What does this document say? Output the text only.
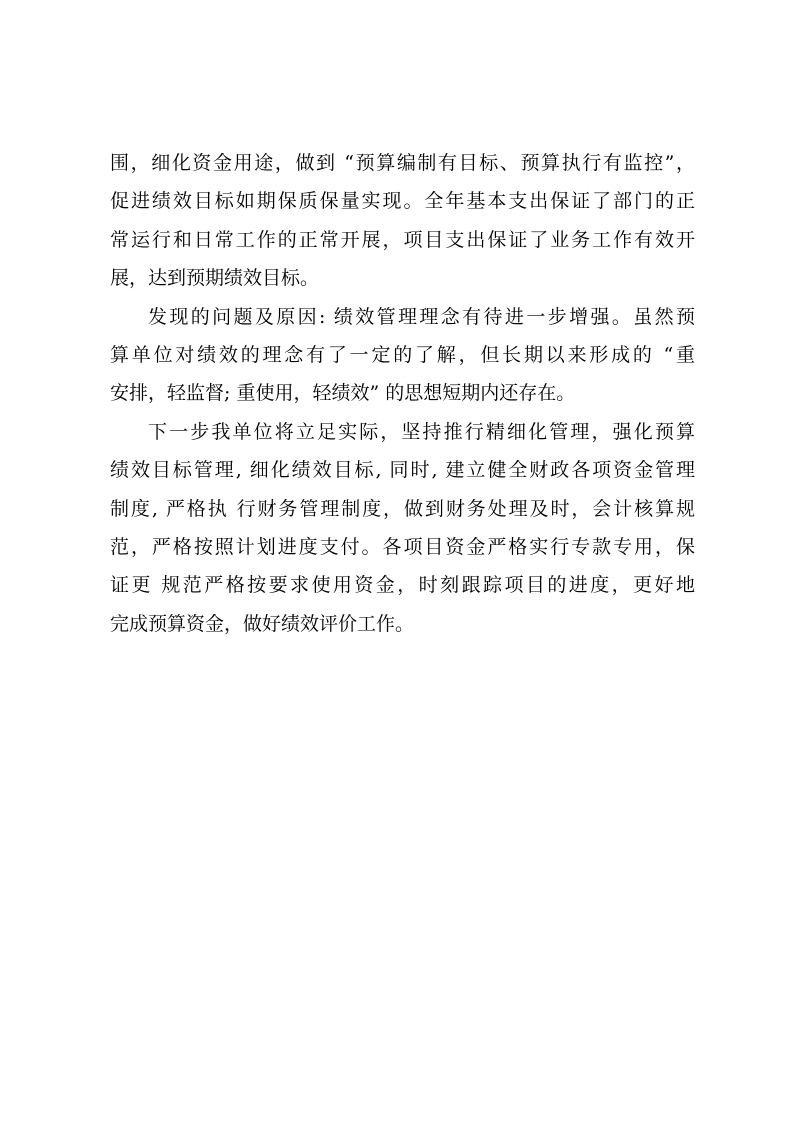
围，细化资金用途，做到 “预算编制有目标、预算执行有监控”，
促进绩效目标如期保质保量实现。全年基本支出保证了部门的正
常运行和日常工作的正常开展，项目支出保证了业务工作有效开
展，达到预期绩效目标。
发现的问题及原因: 绩效管理理念有待进一步增强。虽然预
算单位对绩效的理念有了一定的了解，但长期以来形成的 “重
安排，轻监督; 重使用，轻绩效” 的思想短期内还存在。
下一步我单位将立足实际，坚持推行精细化管理，强化预算
绩效目标管理, 细化绩效目标, 同时, 建立健全财政各项资金管理
制度, 严格执 行财务管理制度，做到财务处理及时，会计核算规
范，严格按照计划进度支付。各项目资金严格实行专款专用，保
证更 规范严格按要求使用资金，时刻跟踪项目的进度，更好地
完成预算资金，做好绩效评价工作。
